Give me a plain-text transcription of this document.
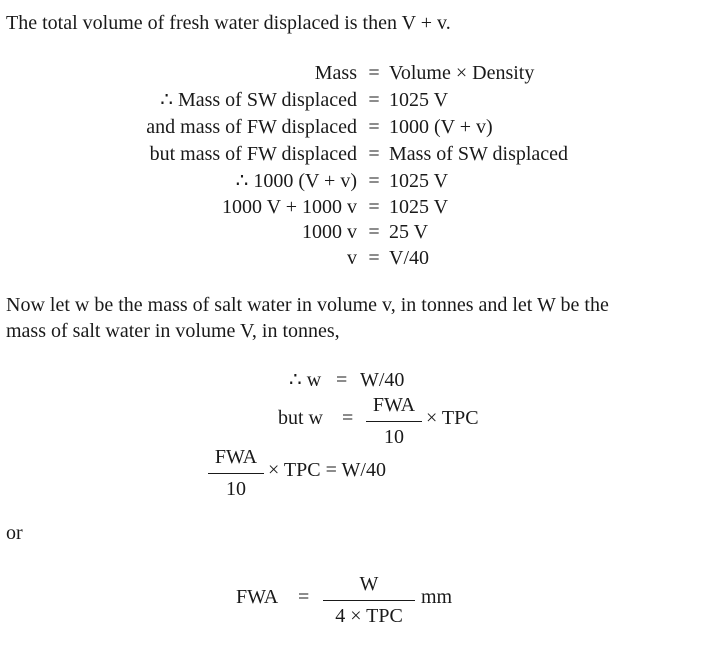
The total volume of fresh water displaced is then V + v.
Mass = Volume × Density
∴ Mass of SW displaced = 1025 V
and mass of FW displaced = 1000 (V + v)
but mass of FW displaced = Mass of SW displaced
∴ 1000 (V + v) = 1025 V
1000 V + 1000 v = 1025 V
1000 v = 25 V
v = V/40
Now let w be the mass of salt water in volume v, in tonnes and let W be the
mass of salt water in volume V, in tonnes,
∴ w = W/40
but w =
FWA
10
× TPC
FWA
10
× TPC = W/40
or
FWA =
W
4 × TPC
mm
